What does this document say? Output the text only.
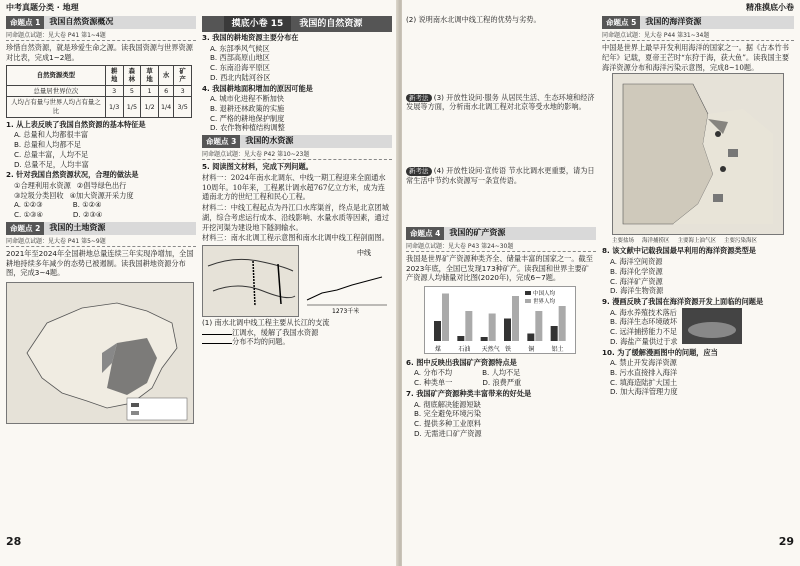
中考真题分类 · 地理
命题点 1	我国自然资源概况
同命题点试题：见大卷 P41 第1~4题
珍惜自然资源，就是珍爱生命之源。读我国资源与世界资源对比表，完成1~2题。
自然资源类型	耕地	森林	草地	水	矿产
总量居世界位次	3	5	1	6	3
人均占有量与世界人均占有量之比	1/3	1/5	1/2	1/4	3/5
1. 从上表反映了我国自然资源的基本特征是
A. 总量和人均都很丰富
B. 总量和人均都不足
C. 总量丰富，人均不足
D. 总量不足，人均丰富
2. 针对我国自然资源状况，合理的做法是
①合理利用水资源 ②倡导绿色出行
③垃圾分类回收 ④加大资源开采力度
A. ①②③	B. ①②④
C. ①③④	D. ②③④
命题点 2	我国的土地资源
同命题点试题：见大卷 P41 第5~9题
2021年至2024年全国耕地总量连续三年实现净增加，全国耕地持续多年减少的态势已被遏制。读我国耕地资源分布图，完成3~4题。
28
摸底小卷 15	我国的自然资源
3. 我国的耕地资源主要分布在
A. 东部季风气候区
B. 西部高原山地区
C. 东南沿海平原区
D. 西北内陆河谷区
4. 我国耕地面积增加的原因可能是
A. 城市化进程不断加快
B. 退耕还林政策的实施
C. 严格的耕地保护制度
D. 农作物种植结构调整
命题点 3	我国的水资源
同命题点试题：见大卷 P42 第10~23题
5. 阅读图文材料，完成下列问题。
材料一：2024年南水北调东、中线一期工程迎来全面通水10周年。10年来，工程累计调水超767亿立方米，成为连通南北方的世纪工程和民心工程。
材料二：中线工程起点为丹江口水库渠首，终点是北京团城湖，综合考虑运行成本、沿线影响、水量水质等因素，通过开挖河渠为建设地下隧洞输水。
材料三：南水北调工程示意图和南水北调中线工程剖面图。
中线
1273千米
(1) 南水北调中线工程主要从长江的支流
江调水，缓解了我国水资源
分布不均的问题。
精准摸底小卷
(2) 说明南水北调中线工程的优势与劣势。
新考法 (3) 开放性设问·服务 从居民生活、生态环境和经济发展等方面，分析南水北调工程对北京等受水地的影响。
新考法 (4) 开放性设问·宣传语 节水比调水更重要，请为日常生活中节约水资源写一条宣传语。
命题点 4	我国的矿产资源
同命题点试题：见大卷 P43 第24~30题
我国是世界矿产资源种类齐全、储量丰富的国家之一。截至2023年底，全国已发现173种矿产。读我国和世界主要矿产资源人均储量对比图(2020年)，完成6~7题。
煤	石油 天然气 铁	铜	铝土
中国人均
世界人均
6. 图中反映出我国矿产资源特点是
A. 分布不均	B. 人均不足
C. 种类单一	D. 浪费严重
7. 我国矿产资源种类丰富带来的好处是
A. 彻底解决能源短缺
B. 完全避免环境污染
C. 提供多种工业原料
D. 无需进口矿产资源
命题点 5	我国的海洋资源
同命题点试题：见大卷 P44 第31~34题
中国是世界上最早开发利用海洋的国家之一。据《古本竹书纪年》记载，夏帝王芒时“东狩于海，获大鱼”。读我国主要海洋资源分布和海洋污染示意图，完成8~10题。
主要盐场 海洋捕捞区 主要海上油气区 主要污染海区
8. 该文献中记载我国最早利用的海洋资源类型是
A. 海洋空间资源
B. 海洋化学资源
C. 海洋矿产资源
D. 海洋生物资源
9. 漫画反映了我国在海洋资源开发上面临的问题是
A. 海水养殖技术落后
B. 海洋生态环境破坏
C. 远洋捕捞能力不足
D. 海盐产量供过于求
10. 为了缓解漫画图中的问题，应当
A. 禁止开发海洋资源
B. 污水直接排入海洋
C. 填海造陆扩大国土
D. 加大海洋管理力度
29
